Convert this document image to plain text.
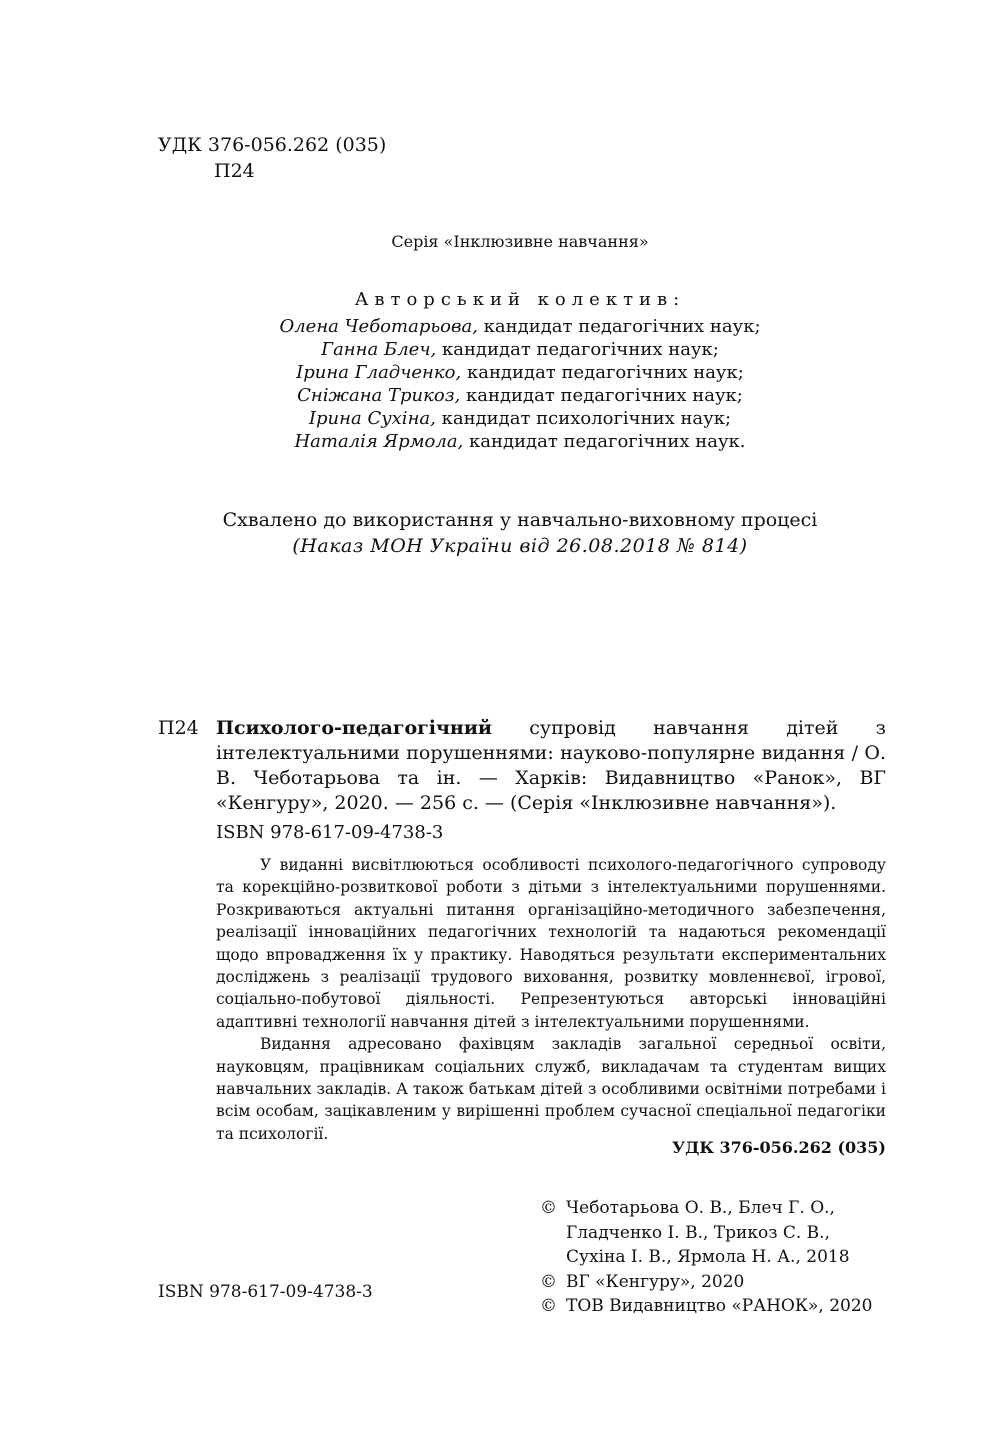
УДК 376-056.262 (035)
П24
Серія «Інклюзивне навчання»
Авторський колектив:
Олена Чеботарьова, кандидат педагогічних наук;
Ганна Блеч, кандидат педагогічних наук;
Ірина Гладченко, кандидат педагогічних наук;
Сніжана Трикоз, кандидат педагогічних наук;
Ірина Сухіна, кандидат психологічних наук;
Наталія Ярмола, кандидат педагогічних наук.
Схвалено до використання у навчально-виховному процесі
(Наказ МОН України від 26.08.2018 № 814)
П24 Психолого-педагогічний супровід навчання дітей з інтелектуальними порушеннями: науково-популярне видання / О. В. Чеботарьова та ін. — Харків: Видавництво «Ранок», ВГ «Кенгуру», 2020. — 256 с. — (Серія «Інклюзивне навчання»).
ISBN 978-617-09-4738-3

У виданні висвітлюються особливості психолого-педагогічного супроводу та корекційно-розвиткової роботи з дітьми з інтелектуальними порушеннями. Розкриваються актуальні питання організаційно-методичного забезпечення, реалізації інноваційних педагогічних технологій та надаються рекомендації щодо впровадження їх у практику. Наводяться результати експериментальних досліджень з реалізації трудового виховання, розвитку мовленнєвої, ігрової, соціально-побутової діяльності. Репрезентуються авторські інноваційні адаптивні технології навчання дітей з інтелектуальними порушеннями.

Видання адресовано фахівцям закладів загальної середньої освіти, науковцям, працівникам соціальних служб, викладачам та студентам вищих навчальних закладів. А також батькам дітей з особливими освітніми потребами і всім особам, зацікавленим у вирішенні проблем сучасної спеціальної педагогіки та психології.

УДК 376-056.262 (035)
© Чеботарьова О. В., Блеч Г. О.,
Гладченко І. В., Трикоз С. В.,
Сухіна І. В., Ярмола Н. А., 2018
© ВГ «Кенгуру», 2020
© ТОВ Видавництво «РАНОК», 2020
ISBN 978-617-09-4738-3
